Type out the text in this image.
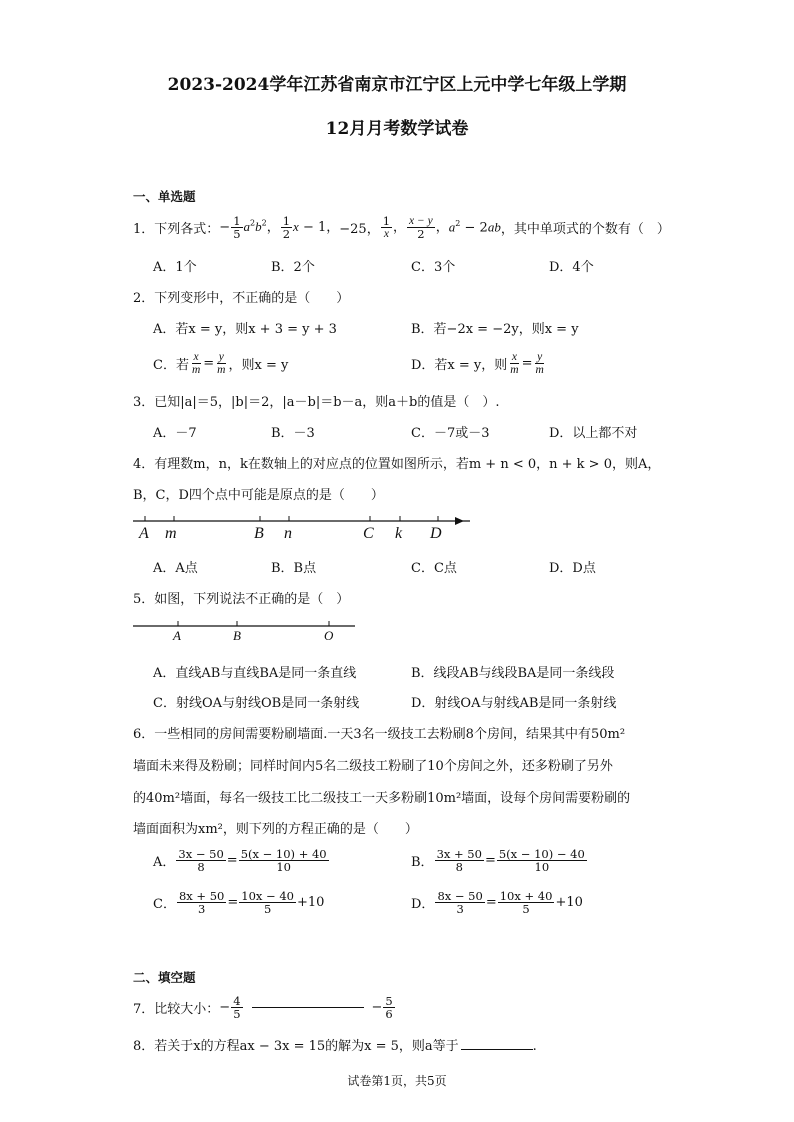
2023-2024学年江苏省南京市江宁区上元中学七年级上学期
12月月考数学试卷
一、单选题
1．下列各式： − $\frac{1}{5} a^2b^2$， $\frac{1}{2}$ x − 1， −25， $\frac{1}{x}$ ， $\frac{x - y}{2}$ ， $a^2 - 2ab$ ，其中单项式的个数有（　）
A．1个	B．2个	C．3个	D．4个
2．下列变形中，不正确的是（　　）
A．若x = y，则x + 3 = y + 3	B．若−2x = −2y，则x = y
C．若 $\frac{x}{m} = \frac{y}{m}$ ，则x = y	D．若x = y，则 $\frac{x}{m} = \frac{y}{m}$
3．已知|a|＝5，|b|＝2，|a－b|＝b－a，则a＋b的值是（　）.
A．－7	B．－3	C．－7或－3	D．以上都不对
4．有理数m，n，k在数轴上的对应点的位置如图所示，若m + n < 0，n + k > 0，则A，
B，C，D四个点中可能是原点的是（　　）
A m	B n	C k D
A．A点	B．B点	C．C点	D．D点
5．如图，下列说法不正确的是（　）
A	B	O
A．直线AB与直线BA是同一条直线	B．线段AB与线段BA是同一条线段
C．射线OA与射线OB是同一条射线	D．射线OA与射线AB是同一条射线
6．一些相同的房间需要粉刷墙面.一天3名一级技工去粉刷8个房间，结果其中有50m²
墙面未来得及粉刷；同样时间内5名二级技工粉刷了10个房间之外，还多粉刷了另外
的40m²墙面，每名一级技工比二级技工一天多粉刷10m²墙面，设每个房间需要粉刷的
墙面面积为xm²，则下列的方程正确的是（　　）
A． $\frac{3x - 50}{8} = \frac{5(x - 10) + 40}{10}$	B． $\frac{3x + 50}{8} = \frac{5(x - 10) - 40}{10}$
C． $\frac{8x + 50}{3} = \frac{10x - 40}{5} +10$	D． $\frac{8x - 50}{3} = \frac{10x + 40}{5} +10$
二、填空题
7．比较大小： − $\frac{4}{5}$	− $\frac{5}{6}$
8．若关于x的方程ax − 3x = 15的解为x = 5，则a等于	.
试卷第1页，共5页
